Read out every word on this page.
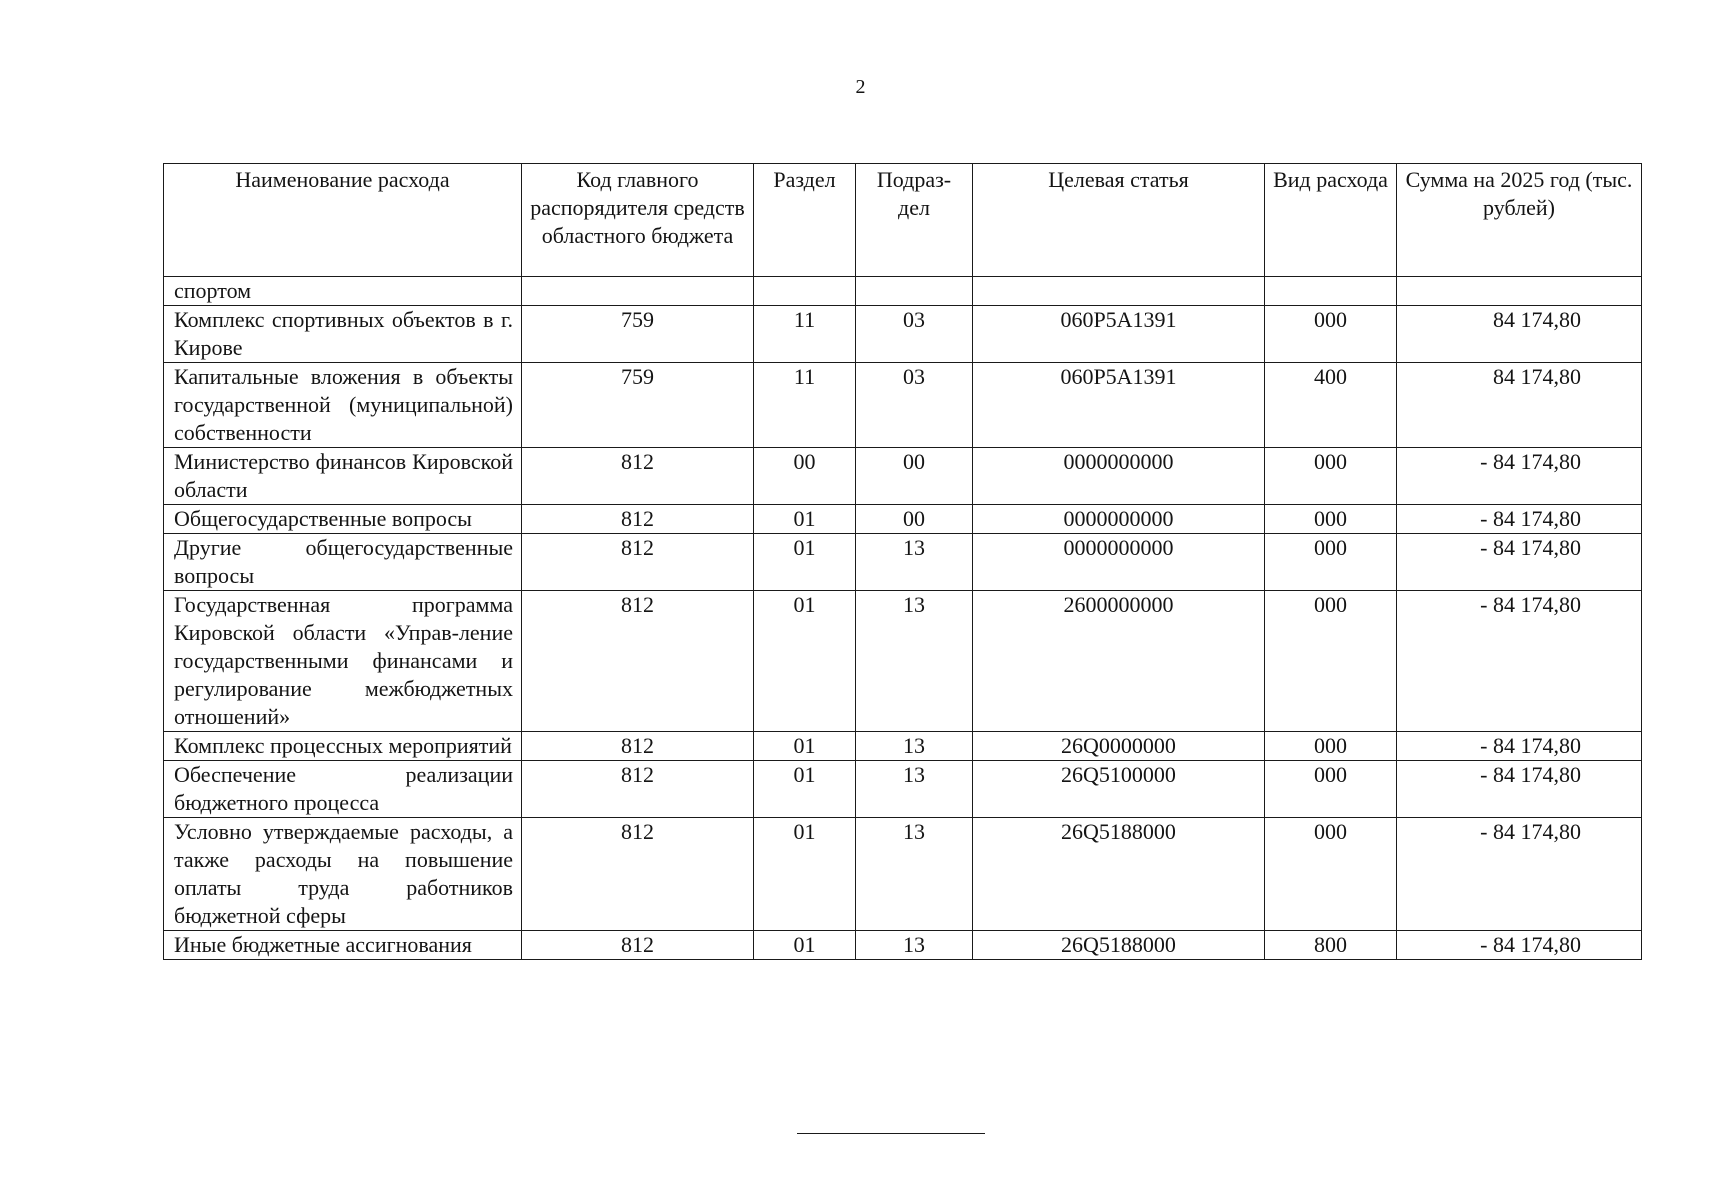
2
Наименование расхода	Код главного распорядителя средств областного бюджета	Раздел	Подраз-дел	Целевая статья	Вид расхода	Сумма на 2025 год (тыс. рублей)
спортом						
Комплекс спортивных объектов в г. Кирове	759	11	03	060P5A1391	000	84 174,80
Капитальные вложения в объекты государственной (муниципальной) собственности	759	11	03	060P5A1391	400	84 174,80
Министерство финансов Кировской области	812	00	00	0000000000	000	- 84 174,80
Общегосударственные вопросы	812	01	00	0000000000	000	- 84 174,80
Другие общегосударственные вопросы	812	01	13	0000000000	000	- 84 174,80
Государственная программа Кировской области «Управ-ление государственными финансами и регулирование межбюджетных отношений»	812	01	13	2600000000	000	- 84 174,80
Комплекс процессных мероприятий	812	01	13	26Q0000000	000	- 84 174,80
Обеспечение реализации бюджетного процесса	812	01	13	26Q5100000	000	- 84 174,80
Условно утверждаемые расходы, а также расходы на повышение оплаты труда работников бюджетной сферы	812	01	13	26Q5188000	000	- 84 174,80
Иные бюджетные ассигнования	812	01	13	26Q5188000	800	- 84 174,80
